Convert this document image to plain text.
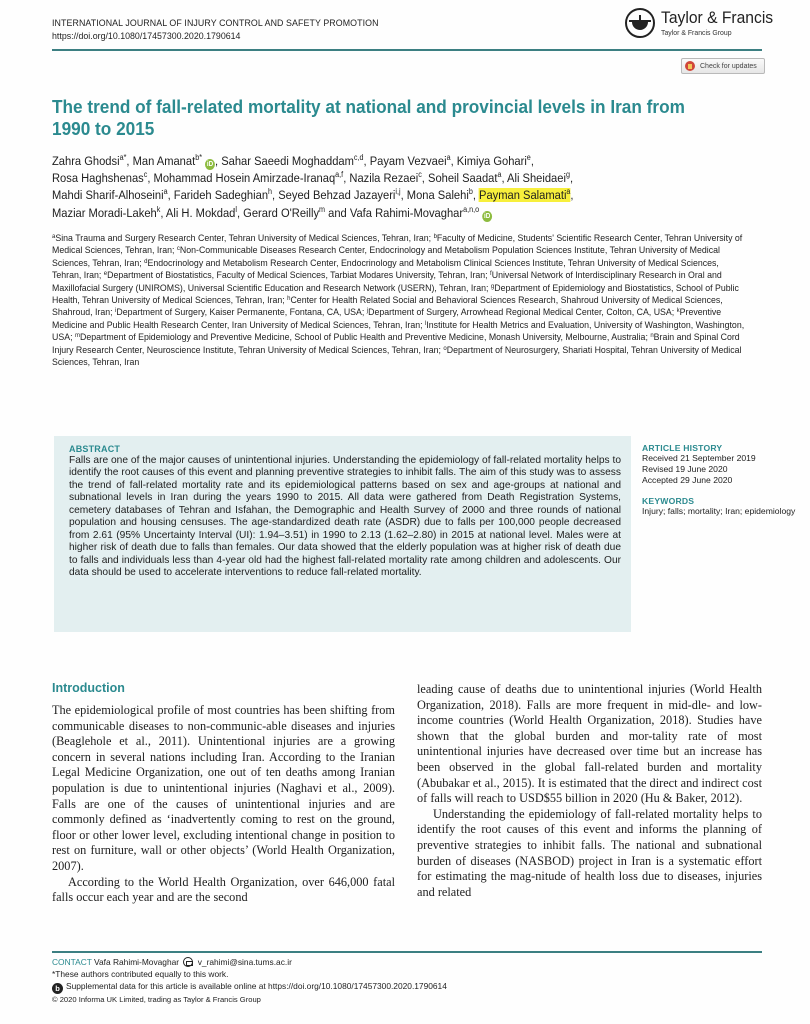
INTERNATIONAL JOURNAL OF INJURY CONTROL AND SAFETY PROMOTION
https://doi.org/10.1080/17457300.2020.1790614
Taylor & Francis
Taylor & Francis Group
Check for updates
The trend of fall-related mortality at national and provincial levels in Iran from 1990 to 2015
Zahra Ghodsi$^{a*}$, Man Amanat$^{b*}$ iD , Sahar Saeedi Moghaddam$^{c,d}$, Payam Vezvaei$^a$, Kimiya Gohari$^e$,
Rosa Haghshenas$^c$, Mohammad Hosein Amirzade-Iranaq$^{a,f}$, Nazila Rezaei$^c$, Soheil Saadat$^a$, Ali Sheidaei$^g$,
Mahdi Sharif-Alhoseini$^a$, Farideh Sadeghian$^h$, Seyed Behzad Jazayeri$^{i,j}$, Mona Salehi$^b$, Payman Salamati$^a$,
Maziar Moradi-Lakeh$^k$, Ali H. Mokdad$^l$, Gerard O'Reilly$^m$ and Vafa Rahimi-Movaghar$^{a,n,o}$ iD
$^a$Sina Trauma and Surgery Research Center, Tehran University of Medical Sciences, Tehran, Iran; $^b$Faculty of Medicine, Students' Scientific Research Center, Tehran University of Medical Sciences, Tehran, Iran; $^c$Non-Communicable Diseases Research Center, Endocrinology and Metabolism Population Sciences Institute, Tehran University of Medical Sciences, Tehran, Iran; $^d$Endocrinology and Metabolism Research Center, Endocrinology and Metabolism Clinical Sciences Institute, Tehran University of Medical Sciences, Tehran, Iran; $^e$Department of Biostatistics, Faculty of Medical Sciences, Tarbiat Modares University, Tehran, Iran; $^f$Universal Network of Interdisciplinary Research in Oral and Maxillofacial Surgery (UNIROMS), Universal Scientific Education and Research Network (USERN), Tehran, Iran; $^g$Department of Epidemiology and Biostatistics, School of Public Health, Tehran University of Medical Sciences, Tehran, Iran; $^h$Center for Health Related Social and Behavioral Sciences Research, Shahroud University of Medical Sciences, Shahroud, Iran; $^i$Department of Surgery, Kaiser Permanente, Fontana, CA, USA; $^j$Department of Surgery, Arrowhead Regional Medical Center, Colton, CA, USA; $^k$Preventive Medicine and Public Health Research Center, Iran University of Medical Sciences, Tehran, Iran; $^l$Institute for Health Metrics and Evaluation, University of Washington, Washington, USA; $^m$Department of Epidemiology and Preventive Medicine, School of Public Health and Preventive Medicine, Monash University, Melbourne, Australia; $^n$Brain and Spinal Cord Injury Research Center, Neuroscience Institute, Tehran University of Medical Sciences, Tehran, Iran; $^o$Department of Neurosurgery, Shariati Hospital, Tehran University of Medical Sciences, Tehran, Iran
ABSTRACT
Falls are one of the major causes of unintentional injuries. Understanding the epidemiology of fall-related mortality helps to identify the root causes of this event and planning preventive strategies to inhibit falls. The aim of this study was to assess the trend of fall-related mortality rate and its epidemiological patterns based on sex and age-groups at national and subnational levels in Iran during the years 1990 to 2015. All data were gathered from Death Registration Systems, cemetery databases of Tehran and Isfahan, the Demographic and Health Survey of 2000 and three rounds of national population and housing censuses. The age-standardized death rate (ASDR) due to falls per 100,000 people decreased from 2.61 (95% Uncertainty Interval (UI): 1.94–3.51) in 1990 to 2.13 (1.62–2.80) in 2015 at national level. Males were at higher risk of death due to falls than females. Our data showed that the elderly population was at higher risk of death due to falls and individuals less than 4-year old had the highest fall-related mortality rate among children and adolescents. Our data should be used to accelerate interventions to reduce fall-related mortality.
ARTICLE HISTORY
Received 21 September 2019
Revised 19 June 2020
Accepted 29 June 2020
KEYWORDS
Injury; falls; mortality; Iran; epidemiology
Introduction

The epidemiological profile of most countries has been shifting from communicable diseases to non-communic-able diseases and injuries (Beaglehole et al., 2011). Unintentional injuries are a growing concern in several nations including Iran. According to the Iranian Legal Medicine Organization, one out of ten deaths among Iranian population is due to unintentional injuries (Naghavi et al., 2009). Falls are one of the causes of unintentional injuries and are commonly defined as ‘inadvertently coming to rest on the ground, floor or other lower level, excluding intentional change in position to rest on furniture, wall or other objects’ (World Health Organization, 2007).

According to the World Health Organization, over 646,000 fatal falls occur each year and are the second

leading cause of deaths due to unintentional injuries (World Health Organization, 2018). Falls are more frequent in mid-dle- and low-income countries (World Health Organization, 2018). Studies have shown that the global burden and mor-tality rate of most unintentional injuries have decreased over time but an increase has been observed in the global fall-related burden and mortality (Abubakar et al., 2015). It is estimated that the direct and indirect cost of falls will reach to USD$55 billion in 2020 (Hu & Baker, 2012).

Understanding the epidemiology of fall-related mortality helps to identify the root causes of this event and informs the planning of preventive strategies to inhibit falls. The national and subnational burden of diseases (NASBOD) project in Iran is a systematic effort for estimating the mag-nitude of health loss due to diseases, injuries and related

CONTACT Vafa Rahimi-Movaghar v_rahimi@sina.tums.ac.ir
*These authors contributed equally to this work.
b Supplemental data for this article is available online at https://doi.org/10.1080/17457300.2020.1790614
© 2020 Informa UK Limited, trading as Taylor & Francis Group
